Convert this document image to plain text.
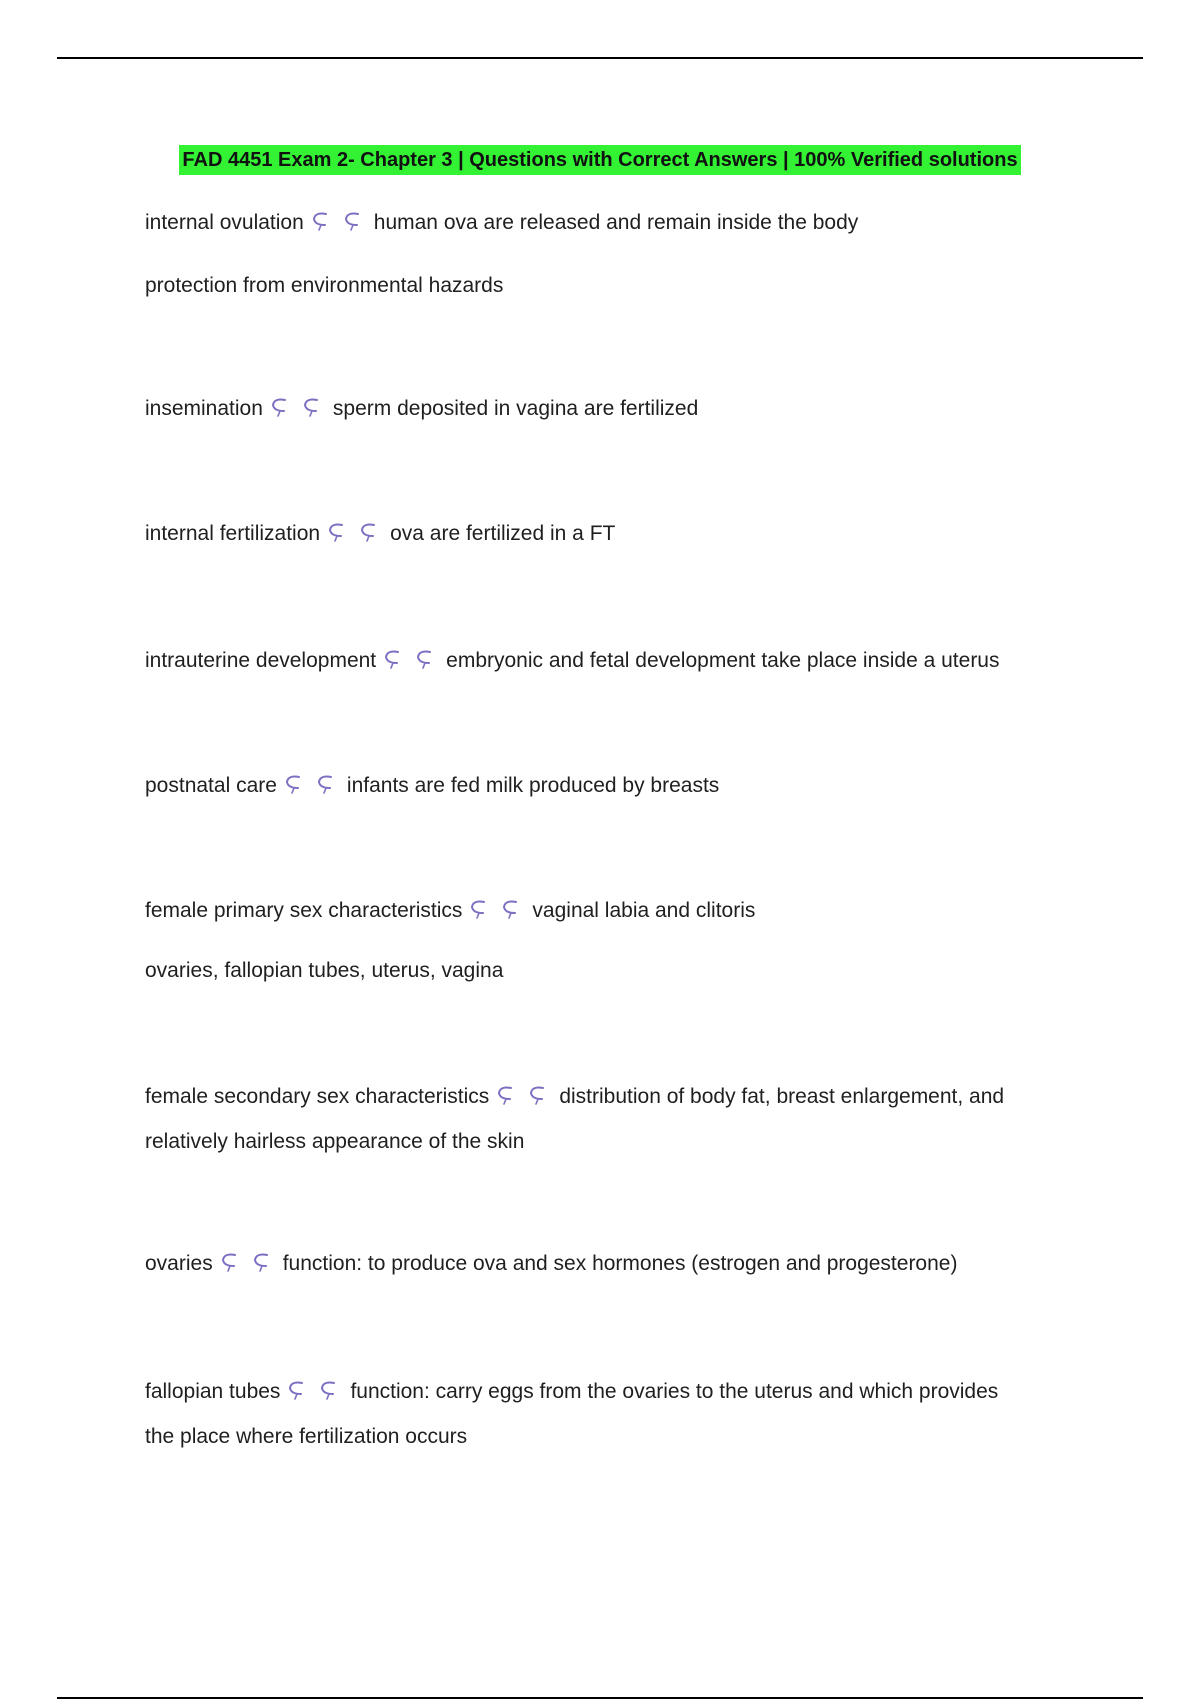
FAD 4451 Exam 2- Chapter 3 | Questions with Correct Answers | 100% Verified solutions
internal ovulation	human ova are released and remain inside the body
protection from environmental hazards
insemination	sperm deposited in vagina are fertilized
internal fertilization	ova are fertilized in a FT
intrauterine development	embryonic and fetal development take place inside a uterus
postnatal care	infants are fed milk produced by breasts
female primary sex characteristics	vaginal labia and clitoris
ovaries, fallopian tubes, uterus, vagina
female secondary sex characteristics	distribution of body fat, breast enlargement, and
relatively hairless appearance of the skin
ovaries	function: to produce ova and sex hormones (estrogen and progesterone)
fallopian tubes	function: carry eggs from the ovaries to the uterus and which provides
the place where fertilization occurs
